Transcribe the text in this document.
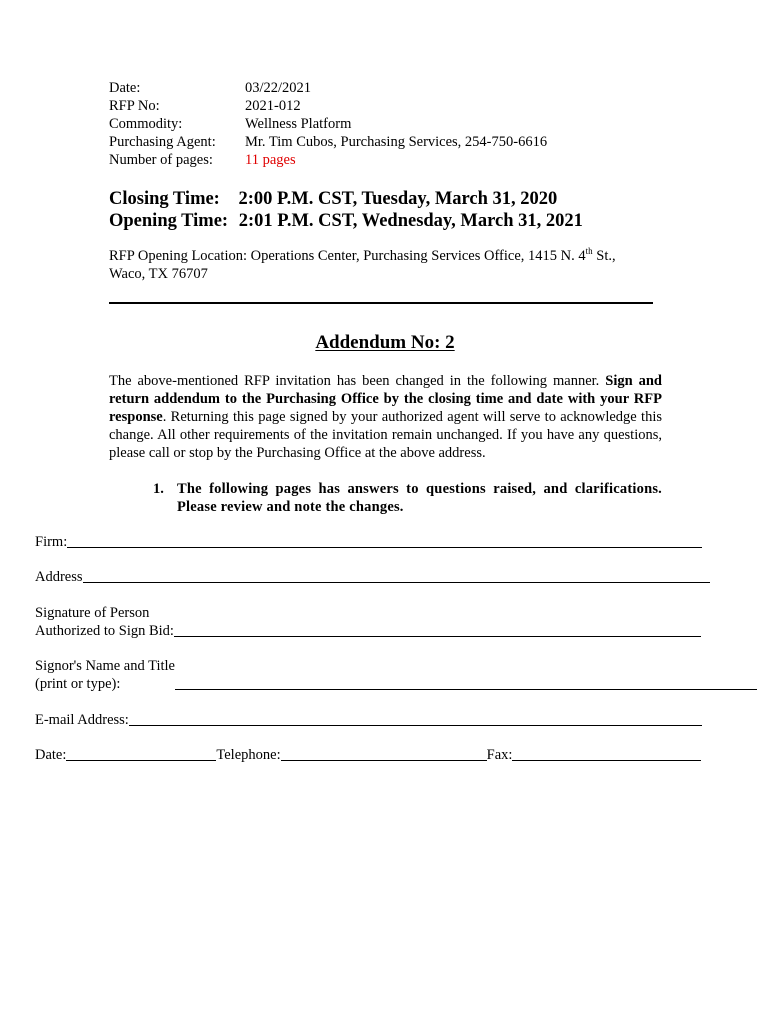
Date:	03/22/2021
RFP No:	2021-012
Commodity:	Wellness Platform
Purchasing Agent:	Mr. Tim Cubos, Purchasing Services, 254-750-6616
Number of pages:	11 pages
Closing Time: 2:00 P.M. CST, Tuesday, March 31, 2020
Opening Time: 2:01 P.M. CST, Wednesday, March 31, 2021
RFP Opening Location: Operations Center, Purchasing Services Office, 1415 N. 4th St.,
Waco, TX 76707
Addendum No: 2
The above-mentioned RFP invitation has been changed in the following manner. Sign and return addendum to the Purchasing Office by the closing time and date with your RFP response. Returning this page signed by your authorized agent will serve to acknowledge this change. All other requirements of the invitation remain unchanged. If you have any questions, please call or stop by the Purchasing Office at the above address.
1. The following pages has answers to questions raised, and clarifications. Please review and note the changes.
Firm:
Address
Signature of Person
Authorized to Sign Bid:
Signor's Name and Title
(print or type):
E-mail Address:
Date:	Telephone:	Fax:
